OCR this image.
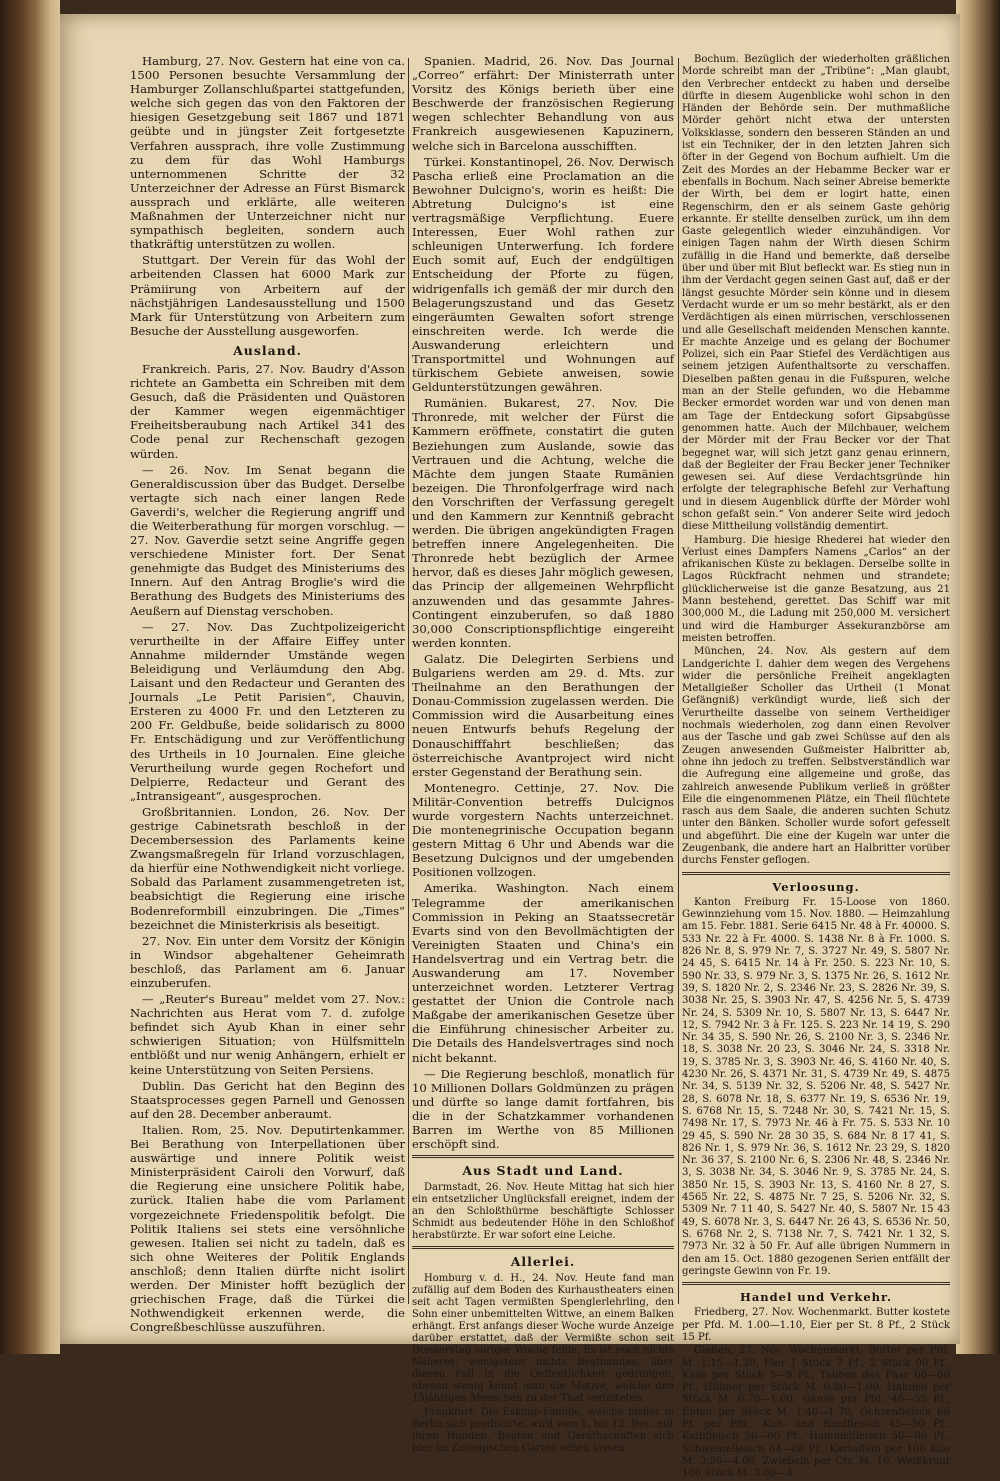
Hamburg, 27. Nov. Gestern hat eine von ca. 1500 Personen besuchte Versammlung der Hamburger Zollanschlußpartei stattgefunden, welche sich gegen das von den Faktoren der hiesigen Gesetzgebung seit 1867 und 1871 geübte und in jüngster Zeit fortgesetzte Verfahren aussprach, ihre volle Zustimmung zu dem für das Wohl Hamburgs unternommenen Schritte der 32 Unterzeichner der Adresse an Fürst Bismarck aussprach und erklärte, alle weiteren Maßnahmen der Unterzeichner nicht nur sympathisch begleiten, sondern auch thatkräftig unterstützen zu wollen.

Stuttgart. Der Verein für das Wohl der arbeitenden Classen hat 6000 Mark zur Prämiirung von Arbeitern auf der nächstjährigen Landesausstellung und 1500 Mark für Unterstützung von Arbeitern zum Besuche der Ausstellung ausgeworfen.

Ausland.

Frankreich. Paris, 27. Nov. Baudry d'Asson richtete an Gambetta ein Schreiben mit dem Gesuch, daß die Präsidenten und Quästoren der Kammer wegen eigenmächtiger Freiheitsberaubung nach Artikel 341 des Code penal zur Rechenschaft gezogen würden.

— 26. Nov. Im Senat begann die Generaldiscussion über das Budget. Derselbe vertagte sich nach einer langen Rede Gaverdi's, welcher die Regierung angriff und die Weiterberathung für morgen vorschlug. — 27. Nov. Gaverdie setzt seine Angriffe gegen verschiedene Minister fort. Der Senat genehmigte das Budget des Ministeriums des Innern. Auf den Antrag Broglie's wird die Berathung des Budgets des Ministeriums des Aeußern auf Dienstag verschoben.

— 27. Nov. Das Zuchtpolizeigericht verurtheilte in der Affaire Eiffey unter Annahme mildernder Umstände wegen Beleidigung und Verläumdung den Abg. Laisant und den Redacteur und Geranten des Journals „Le Petit Parisien“, Chauvin, Ersteren zu 4000 Fr. und den Letzteren zu 200 Fr. Geldbuße, beide solidarisch zu 8000 Fr. Entschädigung und zur Veröffentlichung des Urtheils in 10 Journalen. Eine gleiche Verurtheilung wurde gegen Rochefort und Delpierre, Redacteur und Gerant des „Intransigeant“, ausgesprochen.

Großbritannien. London, 26. Nov. Der gestrige Cabinetsrath beschloß in der Decembersession des Parlaments keine Zwangsmaßregeln für Irland vorzuschlagen, da hierfür eine Nothwendigkeit nicht vorliege. Sobald das Parlament zusammengetreten ist, beabsichtigt die Regierung eine irische Bodenreformbill einzubringen. Die „Times“ bezeichnet die Ministerkrisis als beseitigt.

27. Nov. Ein unter dem Vorsitz der Königin in Windsor abgehaltener Geheimrath beschloß, das Parlament am 6. Januar einzuberufen.

— „Reuter's Bureau“ meldet vom 27. Nov.: Nachrichten aus Herat vom 7. d. zufolge befindet sich Ayub Khan in einer sehr schwierigen Situation; von Hülfsmitteln entblößt und nur wenig Anhängern, erhielt er keine Unterstützung von Seiten Persiens.

Dublin. Das Gericht hat den Beginn des Staatsprocesses gegen Parnell und Genossen auf den 28. December anberaumt.

Italien. Rom, 25. Nov. Deputirtenkammer. Bei Berathung von Interpellationen über auswärtige und innere Politik weist Ministerpräsident Cairoli den Vorwurf, daß die Regierung eine unsichere Politik habe, zurück. Italien habe die vom Parlament vorgezeichnete Friedenspolitik befolgt. Die Politik Italiens sei stets eine versöhnliche gewesen. Italien sei nicht zu tadeln, daß es sich ohne Weiteres der Politik Englands anschloß; denn Italien dürfte nicht isolirt werden. Der Minister hofft bezüglich der griechischen Frage, daß die Türkei die Nothwendigkeit erkennen werde, die Congreßbeschlüsse auszuführen.

Spanien. Madrid, 26. Nov. Das Journal „Correo“ erfährt: Der Ministerrath unter Vorsitz des Königs berieth über eine Beschwerde der französischen Regierung wegen schlechter Behandlung von aus Frankreich ausgewiesenen Kapuzinern, welche sich in Barcelona ausschifften.

Türkei. Konstantinopel, 26. Nov. Derwisch Pascha erließ eine Proclamation an die Bewohner Dulcigno's, worin es heißt: Die Abtretung Dulcigno's ist eine vertragsmäßige Verpflichtung. Euere Interessen, Euer Wohl rathen zur schleunigen Unterwerfung. Ich fordere Euch somit auf, Euch der endgültigen Entscheidung der Pforte zu fügen, widrigenfalls ich gemäß der mir durch den Belagerungszustand und das Gesetz eingeräumten Gewalten sofort strenge einschreiten werde. Ich werde die Auswanderung erleichtern und Transportmittel und Wohnungen auf türkischem Gebiete anweisen, sowie Geldunterstützungen gewähren.

Rumänien. Bukarest, 27. Nov. Die Thronrede, mit welcher der Fürst die Kammern eröffnete, constatirt die guten Beziehungen zum Auslande, sowie das Vertrauen und die Achtung, welche die Mächte dem jungen Staate Rumänien bezeigen. Die Thronfolgerfrage wird nach den Vorschriften der Verfassung geregelt und den Kammern zur Kenntniß gebracht werden. Die übrigen angekündigten Fragen betreffen innere Angelegenheiten. Die Thronrede hebt bezüglich der Armee hervor, daß es dieses Jahr möglich gewesen, das Princip der allgemeinen Wehrpflicht anzuwenden und das gesammte Jahres-Contingent einzuberufen, so daß 1880 30,000 Conscriptionspflichtige eingereiht werden konnten.

Galatz. Die Delegirten Serbiens und Bulgariens werden am 29. d. Mts. zur Theilnahme an den Berathungen der Donau-Commission zugelassen werden. Die Commission wird die Ausarbeitung eines neuen Entwurfs behufs Regelung der Donauschifffahrt beschließen; das österreichische Avantproject wird nicht erster Gegenstand der Berathung sein.

Montenegro. Cettinje, 27. Nov. Die Militär-Convention betreffs Dulcignos wurde vorgestern Nachts unterzeichnet. Die montenegrinische Occupation begann gestern Mittag 6 Uhr und Abends war die Besetzung Dulcignos und der umgebenden Positionen vollzogen.

Amerika. Washington. Nach einem Telegramme der amerikanischen Commission in Peking an Staatssecretär Evarts sind von den Bevollmächtigten der Vereinigten Staaten und China's ein Handelsvertrag und ein Vertrag betr. die Auswanderung am 17. November unterzeichnet worden. Letzterer Vertrag gestattet der Union die Controle nach Maßgabe der amerikanischen Gesetze über die Einführung chinesischer Arbeiter zu. Die Details des Handelsvertrages sind noch nicht bekannt.

— Die Regierung beschloß, monatlich für 10 Millionen Dollars Goldmünzen zu prägen und dürfte so lange damit fortfahren, bis die in der Schatzkammer vorhandenen Barren im Werthe von 85 Millionen erschöpft sind.

Aus Stadt und Land.

Darmstadt, 26. Nov. Heute Mittag hat sich hier ein entsetzlicher Unglücksfall ereignet, indem der an den Schloßthürme beschäftigte Schlosser Schmidt aus bedeutender Höhe in den Schloßhof herabstürzte. Er war sofort eine Leiche.

Allerlei.

Homburg v. d. H., 24. Nov. Heute fand man zufällig auf dem Boden des Kurhaustheaters einen seit acht Tagen vermißten Spenglerlehrling, den Sohn einer unbemittelten Wittwe, an einem Balken erhängt. Erst anfangs dieser Woche wurde Anzeige darüber erstattet, daß der Vermißte schon seit Donnerstag voriger Woche fehle. Es ist noch nichts Näheres, wenigstens nichts Bestimmtes, über diesen Fall in die Oeffentlichkeit gedrungen, ebenso wenig kennt man die Motive, welche den 15jährigen Menschen zu der That verleiteten.

Frankfurt. Die Eskimo-Familie, welche bisher in Berlin sich producirte, wird vom 1. bis 12. Dec. mit ihren Hunden, Booten und Geräthschaften sich hier im Zoologischen Garten sehen lassen.

Bochum. Bezüglich der wiederholten gräßlichen Morde schreibt man der „Tribüne“: „Man glaubt, den Verbrecher entdeckt zu haben und derselbe dürfte in diesem Augenblicke wohl schon in den Händen der Behörde sein. Der muthmaßliche Mörder gehört nicht etwa der untersten Volksklasse, sondern den besseren Ständen an und ist ein Techniker, der in den letzten Jahren sich öfter in der Gegend von Bochum aufhielt. Um die Zeit des Mordes an der Hebamme Becker war er ebenfalls in Bochum. Nach seiner Abreise bemerkte der Wirth, bei dem er logirt hatte, einen Regenschirm, den er als seinem Gaste gehörig erkannte. Er stellte denselben zurück, um ihn dem Gaste gelegentlich wieder einzuhändigen. Vor einigen Tagen nahm der Wirth diesen Schirm zufällig in die Hand und bemerkte, daß derselbe über und über mit Blut befleckt war. Es stieg nun in ihm der Verdacht gegen seinen Gast auf, daß er der längst gesuchte Mörder sein könne und in diesem Verdacht wurde er um so mehr bestärkt, als er den Verdächtigen als einen mürrischen, verschlossenen und alle Gesellschaft meidenden Menschen kannte. Er machte Anzeige und es gelang der Bochumer Polizei, sich ein Paar Stiefel des Verdächtigen aus seinem jetzigen Aufenthaltsorte zu verschaffen. Dieselben paßten genau in die Fußspuren, welche man an der Stelle gefunden, wo die Hebamme Becker ermordet worden war und von denen man am Tage der Entdeckung sofort Gipsabgüsse genommen hatte. Auch der Milchbauer, welchem der Mörder mit der Frau Becker vor der That begegnet war, will sich jetzt ganz genau erinnern, daß der Begleiter der Frau Becker jener Techniker gewesen sei. Auf diese Verdachtsgründe hin erfolgte der telegraphische Befehl zur Verhaftung und in diesem Augenblick dürfte der Mörder wohl schon gefaßt sein.“ Von anderer Seite wird jedoch diese Mittheilung vollständig dementirt.

Hamburg. Die hiesige Rhederei hat wieder den Verlust eines Dampfers Namens „Carlos“ an der afrikanischen Küste zu beklagen. Derselbe sollte in Lagos Rückfracht nehmen und strandete; glücklicherweise ist die ganze Besatzung, aus 21 Mann bestehend, gerettet. Das Schiff war mit 300,000 M., die Ladung mit 250,000 M. versichert und wird die Hamburger Assekuranzbörse am meisten betroffen.

München, 24. Nov. Als gestern auf dem Landgerichte I. dahier dem wegen des Vergehens wider die persönliche Freiheit angeklagten Metallgießer Scholler das Urtheil (1 Monat Gefängniß) verkündigt wurde, ließ sich der Verurtheilte dasselbe von seinem Vertheidiger nochmals wiederholen, zog dann einen Revolver aus der Tasche und gab zwei Schüsse auf den als Zeugen anwesenden Gußmeister Halbritter ab, ohne ihn jedoch zu treffen. Selbstverständlich war die Aufregung eine allgemeine und große, das zahlreich anwesende Publikum verließ in größter Eile die eingenommenen Plätze, ein Theil flüchtete rasch aus dem Saale, die anderen suchten Schutz unter den Bänken. Scholler wurde sofort gefesselt und abgeführt. Die eine der Kugeln war unter die Zeugenbank, die andere hart an Halbritter vorüber durchs Fenster geflogen.

Verloosung.

Kanton Freiburg Fr. 15-Loose von 1860. Gewinnziehung vom 15. Nov. 1880. — Heimzahlung am 15. Febr. 1881. Serie 6415 Nr. 48 à Fr. 40000. S. 533 Nr. 22 à Fr. 4000. S. 1438 Nr. 8 à Fr. 1000. S. 826 Nr. 8, S. 979 Nr. 7, S. 3727 Nr. 49, S. 5807 Nr. 24 45, S. 6415 Nr. 14 à Fr. 250. S. 223 Nr. 10, S. 590 Nr. 33, S. 979 Nr. 3, S. 1375 Nr. 26, S. 1612 Nr. 39, S. 1820 Nr. 2, S. 2346 Nr. 23, S. 2826 Nr. 39, S. 3038 Nr. 25, S. 3903 Nr. 47, S. 4256 Nr. 5, S. 4739 Nr. 24, S. 5309 Nr. 10, S. 5807 Nr. 13, S. 6447 Nr. 12, S. 7942 Nr. 3 à Fr. 125. S. 223 Nr. 14 19, S. 290 Nr. 34 35, S. 590 Nr. 26, S. 2100 Nr. 3, S. 2346 Nr. 18, S. 3038 Nr. 20 23, S. 3046 Nr. 24, S. 3318 Nr. 19, S. 3785 Nr. 3, S. 3903 Nr. 46, S. 4160 Nr. 40, S. 4230 Nr. 26, S. 4371 Nr. 31, S. 4739 Nr. 49, S. 4875 Nr. 34, S. 5139 Nr. 32, S. 5206 Nr. 48, S. 5427 Nr. 28, S. 6078 Nr. 18, S. 6377 Nr. 19, S. 6536 Nr. 19, S. 6768 Nr. 15, S. 7248 Nr. 30, S. 7421 Nr. 15, S. 7498 Nr. 17, S. 7973 Nr. 46 à Fr. 75. S. 533 Nr. 10 29 45, S. 590 Nr. 28 30 35, S. 684 Nr. 8 17 41, S. 826 Nr. 1, S. 979 Nr. 36, S. 1612 Nr. 23 29, S. 1820 Nr. 36 37, S. 2100 Nr. 6, S. 2306 Nr. 48, S. 2346 Nr. 3, S. 3038 Nr. 34, S. 3046 Nr. 9, S. 3785 Nr. 24, S. 3850 Nr. 15, S. 3903 Nr. 13, S. 4160 Nr. 8 27, S. 4565 Nr. 22, S. 4875 Nr. 7 25, S. 5206 Nr. 32, S. 5309 Nr. 7 11 40, S. 5427 Nr. 40, S. 5807 Nr. 15 43 49, S. 6078 Nr. 3, S. 6447 Nr. 26 43, S. 6536 Nr. 50, S. 6768 Nr. 2, S. 7138 Nr. 7, S. 7421 Nr. 1 32, S. 7973 Nr. 32 à 50 Fr. Auf alle übrigen Nummern in den am 15. Oct. 1880 gezogenen Serien entfällt der geringste Gewinn von Fr. 19.

Handel und Verkehr.

Friedberg, 27. Nov. Wochenmarkt. Butter kostete per Pfd. M. 1.00—1.10, Eier per St. 8 Pf., 2 Stück 15 Pf.

Gießen, 27. Nov. Wochenmarkt. Butter per Pfd. M. 1.15—1.20, Eier 1 Stück 7 Pf., 2 Stück 00 Pf., Käse per Stück 5—9 Pf., Tauben das Paar 60—00 Pf., Hühner per Stück M. 0.80—1.00, Hahnen per Stück M. 0.70—1.00, Gänse per Pfd. 40—55 Pf., Enten per Stück M. 1.40—1.70, Ochsenfleisch 66 Pf. per Pfd., Kuh- und Rindfleisch 45—50 Pf., Kalbfleisch 50—00 Pf., Hammelfleisch 50—06 Pf., Schweinefleisch 64—68 Pf., Kartoffeln per 100 Kilo M. 3.50—4.00, Zwiebeln per Ctr. M. 10, Weißkraut 100 Stück M. 3.00—4.
